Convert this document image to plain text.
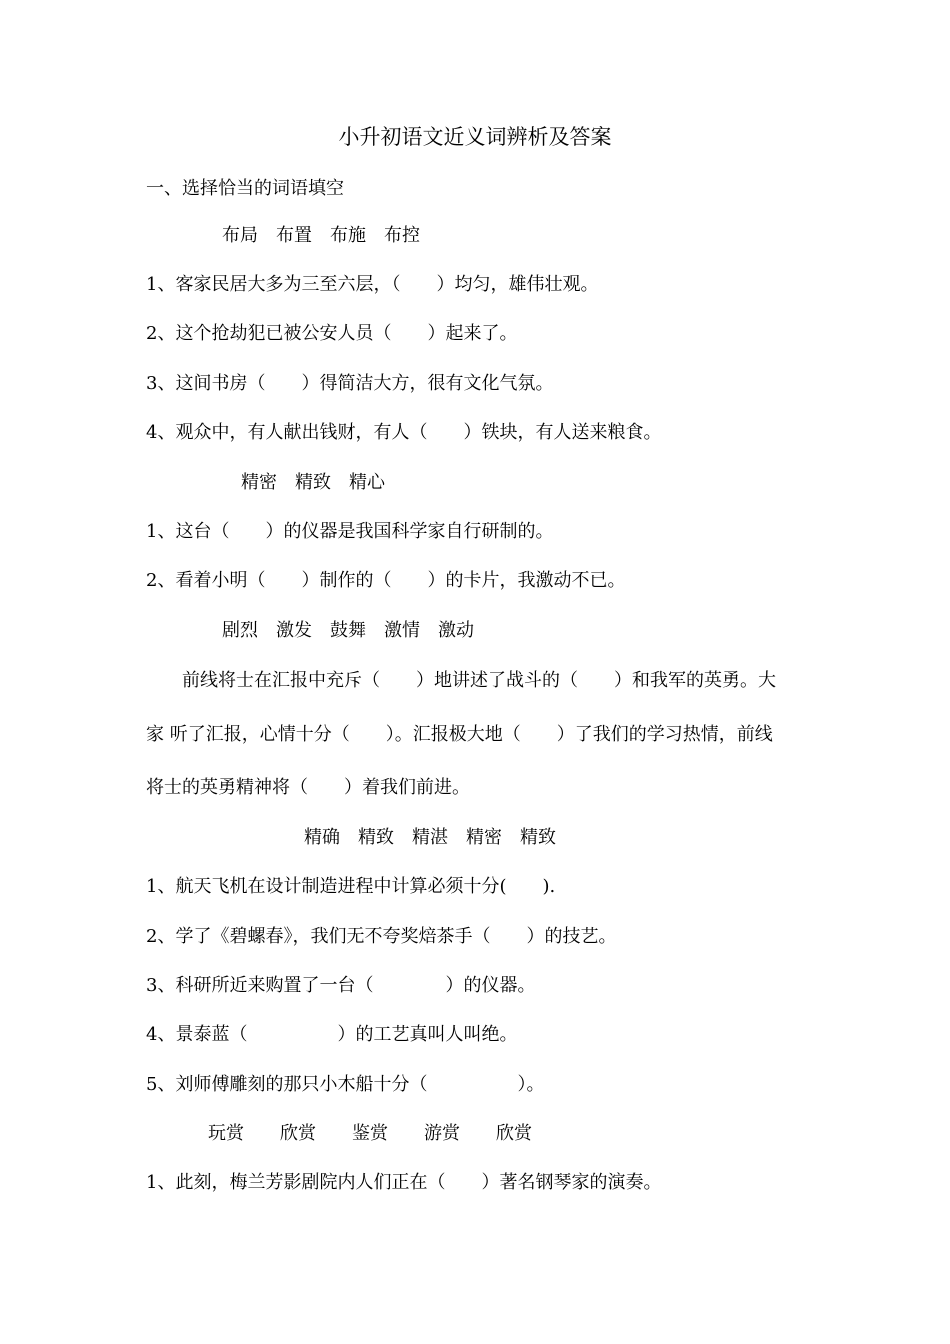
小升初语文近义词辨析及答案
一、选择恰当的词语填空
布局　布置　布施　布控
1、客家民居大多为三至六层，（　　）均匀，雄伟壮观。
2、这个抢劫犯已被公安人员（　　）起来了。
3、这间书房（　　）得简洁大方，很有文化气氛。
4、观众中，有人献出钱财，有人（　　）铁块，有人送来粮食。
精密　精致　精心
1、这台（　　）的仪器是我国科学家自行研制的。
2、看着小明（　　）制作的（　　）的卡片，我激动不已。
剧烈　激发　鼓舞　激情　激动
　　前线将士在汇报中充斥（　　）地讲述了战斗的（　　）和我军的英勇。大
家 听了汇报，心情十分（　　）。汇报极大地（　　）了我们的学习热情，前线
将士的英勇精神将（　　）着我们前进。
精确　精致　精湛　精密　精致
1、航天飞机在设计制造进程中计算必须十分(　　).
2、学了《碧螺春》，我们无不夸奖焙茶手（　　）的技艺。
3、科研所近来购置了一台（　　　　）的仪器。
4、景泰蓝（　　　　　）的工艺真叫人叫绝。
5、刘师傅雕刻的那只小木船十分（　　　　　）。
玩赏　　欣赏　　鉴赏　　游赏　　欣赏
1、此刻，梅兰芳影剧院内人们正在（　　）著名钢琴家的演奏。
